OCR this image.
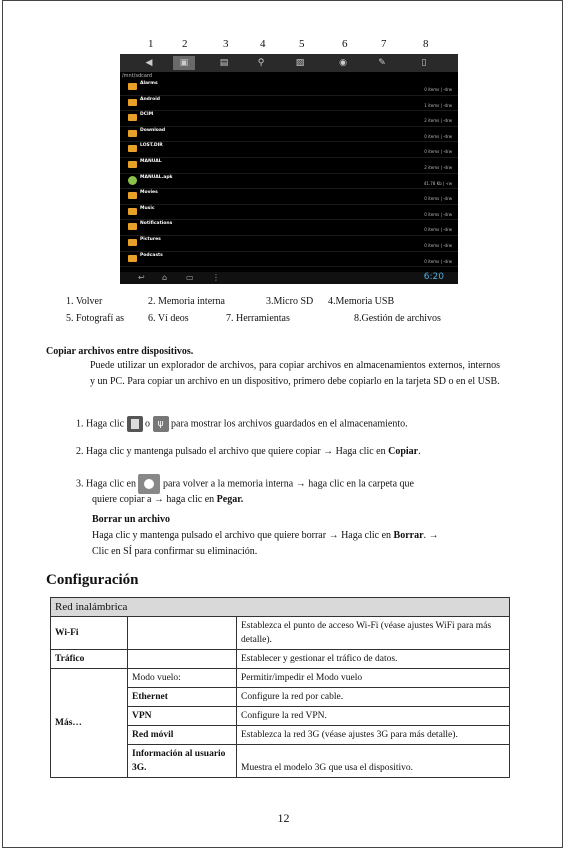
1	2	3	4	5	6	7	8
◀	▣	▤	⚲	▨	◉	✎	▯
/mnt/sdcard
Alarms
0 items | -drw
Android
1 items | -drw
DCIM
2 items | -drw
Download
0 items | -drw
LOST.DIR
0 items | -drw
MANUAL
2 items | -drw
MANUAL.apk
41.78 Kb | -rw
Movies
0 items | -drw
Music
0 items | -drw
Notifications
0 items | -drw
Pictures
0 items | -drw
Podcasts
0 items | -drw
↩ ⌂ ▭ ⋮	6:20
1. Volver	2. Memoria interna	3.Micro SD 4.Memoria USB
5. Fotografí as 6. Ví deos	7. Herramientas	8.Gestión de archivos
Copiar archivos entre dispositivos.
Puede utilizar un explorador de archivos, para copiar archivos en almacenamientos externos, internos y un PC. Para copiar un archivo en un dispositivo, primero debe copiarlo en la tarjeta SD o en el USB.
1. Haga clic o ψ para mostrar los archivos guardados en el almacenamiento.
2. Haga clic y mantenga pulsado el archivo que quiere copiar → Haga clic en Copiar.
3. Haga clic en	para volver a la memoria interna → haga clic en la carpeta que
quiere copiar a → haga clic en Pegar.
Borrar un archivo
Haga clic y mantenga pulsado el archivo que quiere borrar → Haga clic en Borrar. →
Clic en SÍ para confirmar su eliminación.
Configuración
Red inalámbrica		
Wi-Fi		Establezca el punto de acceso Wi-Fi (véase ajustes WiFi para más detalle).
Tráfico		Establecer y gestionar el tráfico de datos.
Más…	Modo vuelo:	Permitir/impedir el Modo vuelo
	Ethernet	Configure la red por cable.
	VPN	Configure la red VPN.
	Red móvil	Establezca la red 3G (véase ajustes 3G para más detalle).
	Información al usuario 3G.	Muestra el modelo 3G que usa el dispositivo.
12
